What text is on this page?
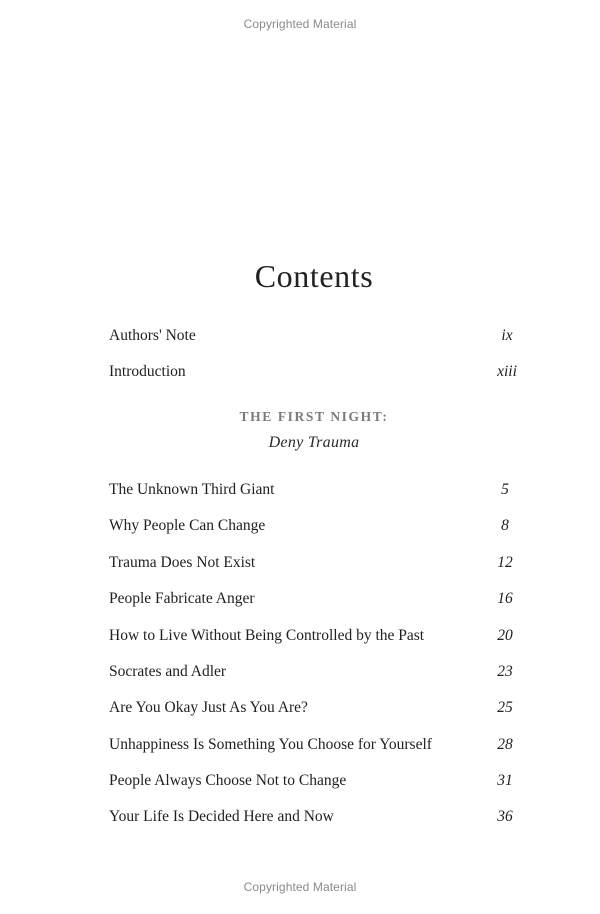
Copyrighted Material
Contents
Authors' Note	ix
Introduction	xiii
THE FIRST NIGHT:
Deny Trauma
The Unknown Third Giant	5
Why People Can Change	8
Trauma Does Not Exist	12
People Fabricate Anger	16
How to Live Without Being Controlled by the Past	20
Socrates and Adler	23
Are You Okay Just As You Are?	25
Unhappiness Is Something You Choose for Yourself	28
People Always Choose Not to Change	31
Your Life Is Decided Here and Now	36
Copyrighted Material
